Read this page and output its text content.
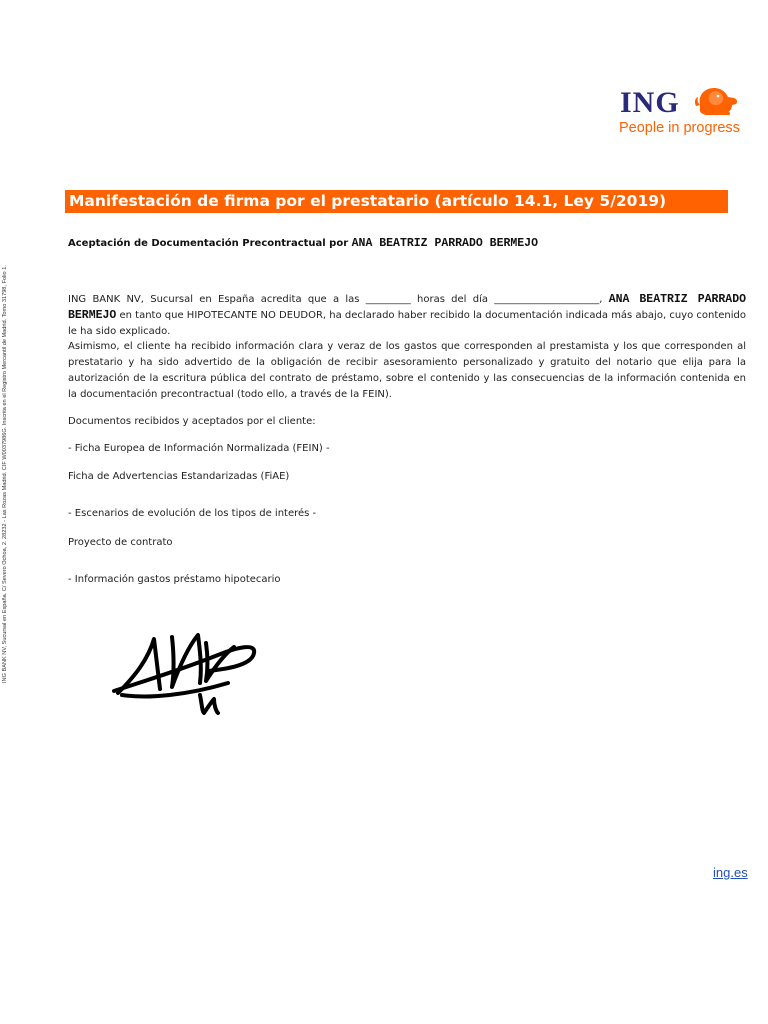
ING
People in progress
ING BANK NV, Sucursal en España. C/ Severo Ochoa, 2. 28232 - Las Rozas Madrid. CIF W0037986G. Inscrita en el Registro Mercantil de Madrid. Tomo 31798, Folio 1.
Manifestación de firma por el prestatario (artículo 14.1, Ley 5/2019)
Aceptación de Documentación Precontractual por ANA BEATRIZ PARRADO BERMEJO
ING BANK NV, Sucursal en España acredita que a las _________ horas del día _____________________, ANA BEATRIZ PARRADO BERMEJO en tanto que HIPOTECANTE NO DEUDOR, ha declarado haber recibido la documentación indicada más abajo, cuyo contenido le ha sido explicado.
Asimismo, el cliente ha recibido información clara y veraz de los gastos que corresponden al prestamista y los que corresponden al prestatario y ha sido advertido de la obligación de recibir asesoramiento personalizado y gratuito del notario que elija para la autorización de la escritura pública del contrato de préstamo, sobre el contenido y las consecuencias de la información contenida en la documentación precontractual (todo ello, a través de la FEIN).
Documentos recibidos y aceptados por el cliente:
- Ficha Europea de Información Normalizada (FEIN) -
Ficha de Advertencias Estandarizadas (FiAE)
- Escenarios de evolución de los tipos de interés -
Proyecto de contrato
- Información gastos préstamo hipotecario
ing.es
